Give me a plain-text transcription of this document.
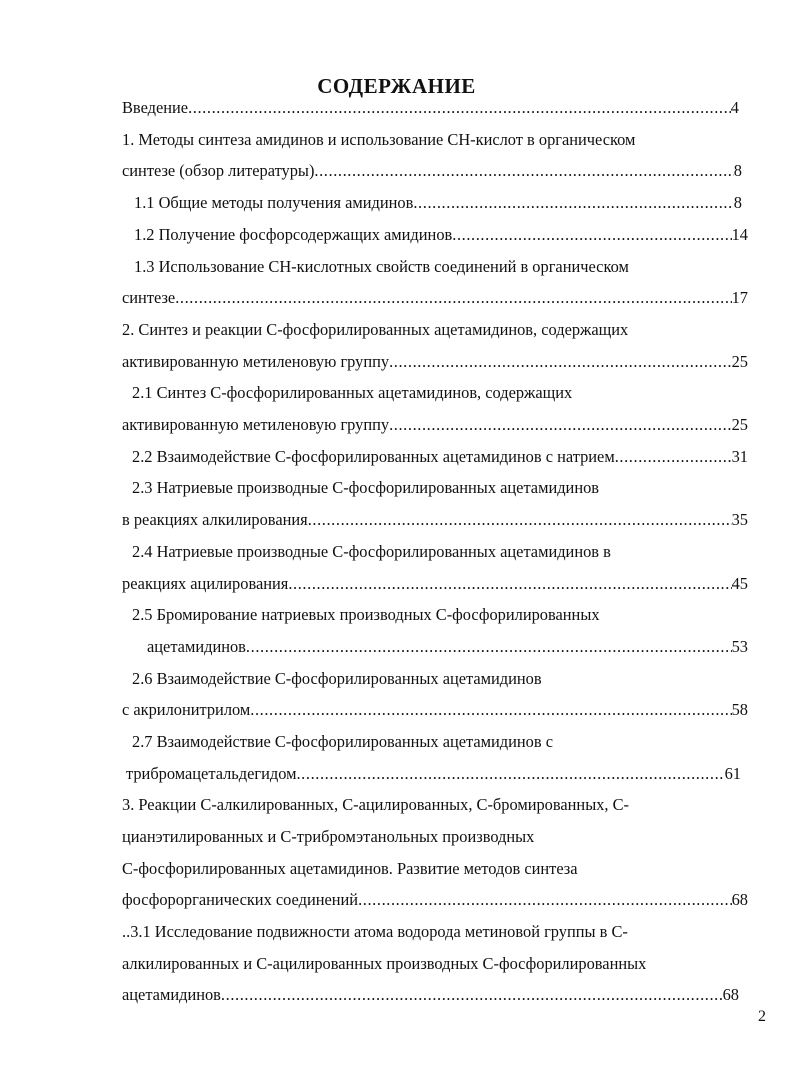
СОДЕРЖАНИЕ
Введение .....	4
1. Методы синтеза амидинов и использование СН-кислот в органическом
синтезе (обзор литературы) .....	8
1.1 Общие методы получения амидинов .....	8
1.2 Получение фосфорсодержащих амидинов .....	14
1.3 Использование СН-кислотных свойств соединений в органическом
синтезе .....	17
2. Синтез и реакции С-фосфорилированных ацетамидинов, содержащих
активированную метиленовую группу .....	25
2.1 Синтез С-фосфорилированных ацетамидинов, содержащих
активированную метиленовую группу .....	25
2.2 Взаимодействие С-фосфорилированных ацетамидинов с натрием .....	31
2.3 Натриевые производные С-фосфорилированных ацетамидинов
в реакциях алкилирования .....	35
2.4 Натриевые производные С-фосфорилированных ацетамидинов в
реакциях ацилирования .....	45
2.5 Бромирование натриевых производных С-фосфорилированных
ацетамидинов .....	53
2.6 Взаимодействие С-фосфорилированных ацетамидинов
с акрилонитрилом .....	58
2.7 Взаимодействие С-фосфорилированных ацетамидинов с
трибромацетальдегидом .....	61
3. Реакции С-алкилированных, С-ацилированных, С-бромированных, С-
цианэтилированных и С-трибромэтанольных производных
С-фосфорилированных ацетамидинов. Развитие методов синтеза
фосфорорганических соединений .....	68
..3.1 Исследование подвижности атома водорода метиновой группы в С-
алкилированных и С-ацилированных производных С-фосфорилированных
ацетамидинов .....	68
2
